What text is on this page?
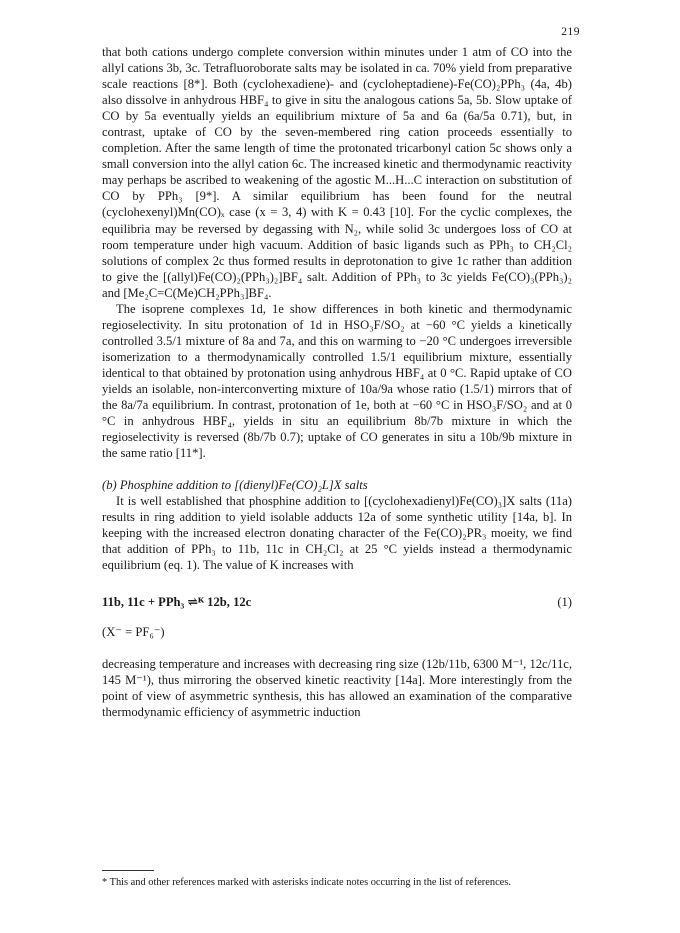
219

that both cations undergo complete conversion within minutes under 1 atm of CO into the allyl cations 3b, 3c. Tetrafluoroborate salts may be isolated in ca. 70% yield from preparative scale reactions [8*]. Both (cyclohexadiene)- and (cycloheptadiene)-Fe(CO)₂PPh₃ (4a, 4b) also dissolve in anhydrous HBF₄ to give in situ the analogous cations 5a, 5b. Slow uptake of CO by 5a eventually yields an equilibrium mixture of 5a and 6a (6a/5a 0.71), but, in contrast, uptake of CO by the seven-membered ring cation proceeds essentially to completion. After the same length of time the protonated tricarbonyl cation 5c shows only a small conversion into the allyl cation 6c. The increased kinetic and thermodynamic reactivity may perhaps be ascribed to weakening of the agostic M...H...C interaction on substitution of CO by PPh₃ [9*]. A similar equilibrium has been found for the neutral (cyclohexenyl)Mn(CO)ₓ case (x = 3, 4) with K = 0.43 [10]. For the cyclic complexes, the equilibria may be reversed by degassing with N₂, while solid 3c undergoes loss of CO at room temperature under high vacuum. Addition of basic ligands such as PPh₃ to CH₂Cl₂ solutions of complex 2c thus formed results in deprotonation to give 1c rather than addition to give the [(allyl)Fe(CO)₂(PPh₃)₂]BF₄ salt. Addition of PPh₃ to 3c yields Fe(CO)₃(PPh₃)₂ and [Me₂C=C(Me)CH₂PPh₃]BF₄.

The isoprene complexes 1d, 1e show differences in both kinetic and thermodynamic regioselectivity. In situ protonation of 1d in HSO₃F/SO₂ at −60 °C yields a kinetically controlled 3.5/1 mixture of 8a and 7a, and this on warming to −20 °C undergoes irreversible isomerization to a thermodynamically controlled 1.5/1 equilibrium mixture, essentially identical to that obtained by protonation using anhydrous HBF₄ at 0 °C. Rapid uptake of CO yields an isolable, non-interconverting mixture of 10a/9a whose ratio (1.5/1) mirrors that of the 8a/7a equilibrium. In contrast, protonation of 1e, both at −60 °C in HSO₃F/SO₂ and at 0 °C in anhydrous HBF₄, yields in situ an equilibrium 8b/7b mixture in which the regioselectivity is reversed (8b/7b 0.7); uptake of CO generates in situ a 10b/9b mixture in the same ratio [11*].

(b) Phosphine addition to [(dienyl)Fe(CO)₂L]X salts

It is well established that phosphine addition to [(cyclohexadienyl)Fe(CO)₃]X salts (11a) results in ring addition to yield isolable adducts 12a of some synthetic utility [14a, b]. In keeping with the increased electron donating character of the Fe(CO)₂PR₃ moeity, we find that addition of PPh₃ to 11b, 11c in CH₂Cl₂ at 25 °C yields instead a thermodynamic equilibrium (eq. 1). The value of K increases with

11b, 11c + PPh₃ ⇌ᴷ 12b, 12c	(1)
(X⁻ = PF₆⁻)

decreasing temperature and increases with decreasing ring size (12b/11b, 6300 M⁻¹, 12c/11c, 145 M⁻¹), thus mirroring the observed kinetic reactivity [14a]. More interestingly from the point of view of asymmetric synthesis, this has allowed an examination of the comparative thermodynamic efficiency of asymmetric induction

* This and other references marked with asterisks indicate notes occurring in the list of references.
